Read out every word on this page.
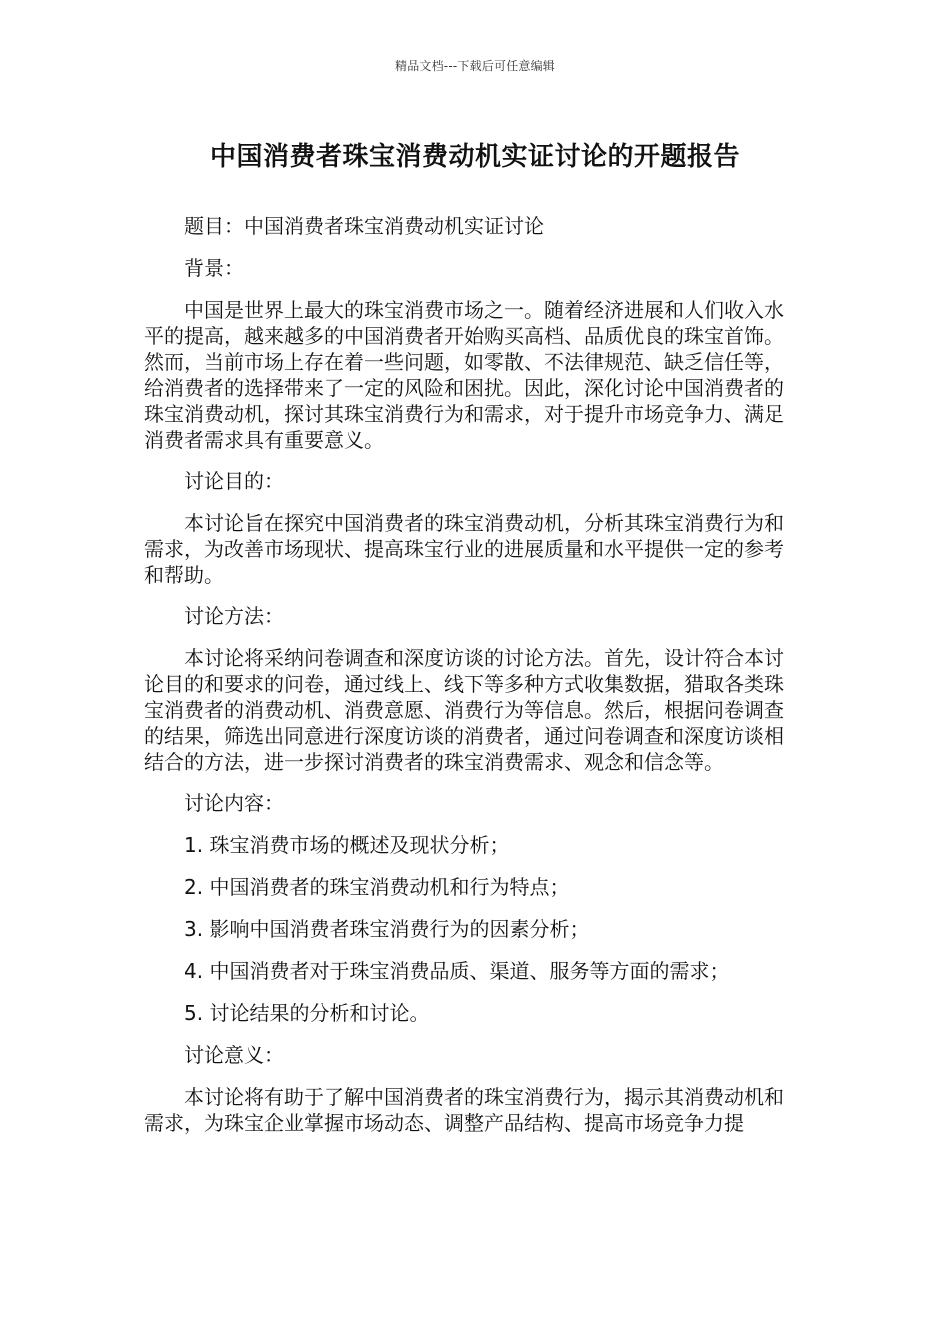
精品文档---下载后可任意编辑
中国消费者珠宝消费动机实证讨论的开题报告

题目：中国消费者珠宝消费动机实证讨论

背景：

中国是世界上最大的珠宝消费市场之一。随着经济进展和人们收入水平的提高，越来越多的中国消费者开始购买高档、品质优良的珠宝首饰。然而，当前市场上存在着一些问题，如零散、不法律规范、缺乏信任等，给消费者的选择带来了一定的风险和困扰。因此，深化讨论中国消费者的珠宝消费动机，探讨其珠宝消费行为和需求，对于提升市场竞争力、满足消费者需求具有重要意义。

讨论目的：

本讨论旨在探究中国消费者的珠宝消费动机，分析其珠宝消费行为和需求，为改善市场现状、提高珠宝行业的进展质量和水平提供一定的参考和帮助。

讨论方法：

本讨论将采纳问卷调查和深度访谈的讨论方法。首先，设计符合本讨论目的和要求的问卷，通过线上、线下等多种方式收集数据，猎取各类珠宝消费者的消费动机、消费意愿、消费行为等信息。然后，根据问卷调查的结果，筛选出同意进行深度访谈的消费者，通过问卷调查和深度访谈相结合的方法，进一步探讨消费者的珠宝消费需求、观念和信念等。

讨论内容：

1. 珠宝消费市场的概述及现状分析；

2. 中国消费者的珠宝消费动机和行为特点；

3. 影响中国消费者珠宝消费行为的因素分析；

4. 中国消费者对于珠宝消费品质、渠道、服务等方面的需求；

5. 讨论结果的分析和讨论。

讨论意义：

本讨论将有助于了解中国消费者的珠宝消费行为，揭示其消费动机和需求，为珠宝企业掌握市场动态、调整产品结构、提高市场竞争力提
